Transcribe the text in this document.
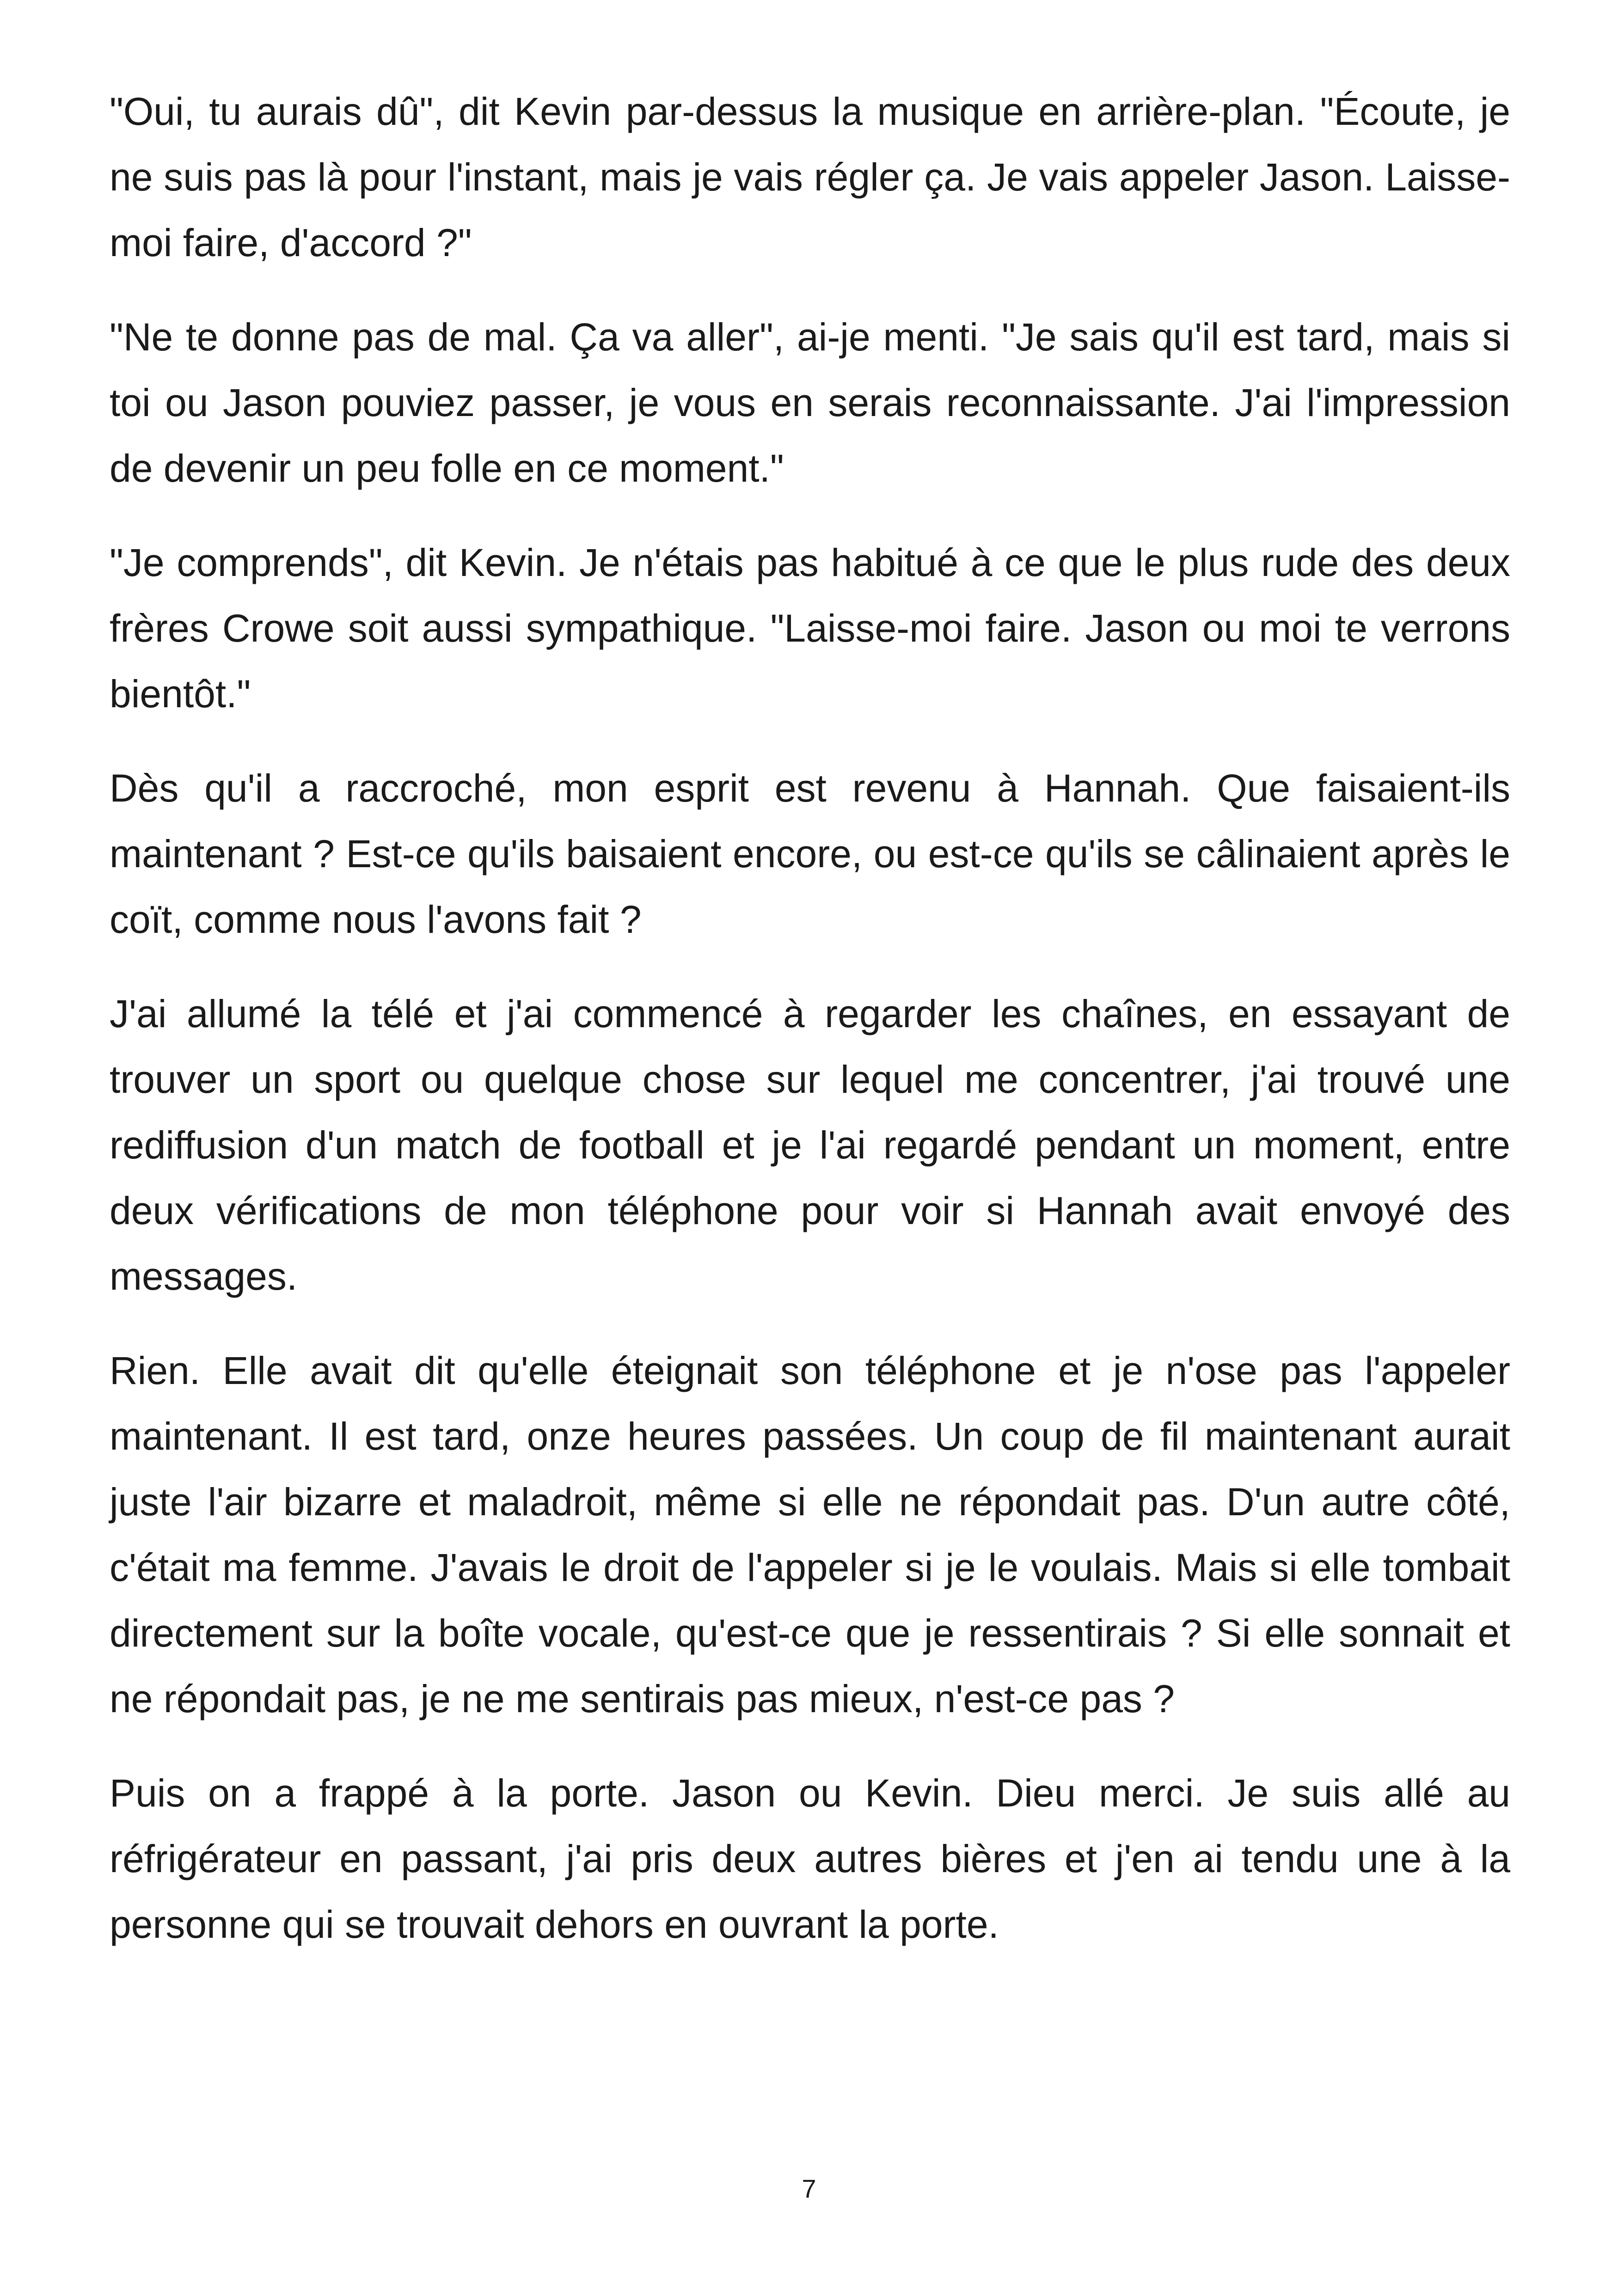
"Oui, tu aurais dû", dit Kevin par-dessus la musique en arrière-plan. "Écoute, je ne suis pas là pour l'instant, mais je vais régler ça. Je vais appeler Jason. Laisse-moi faire, d'accord ?"

"Ne te donne pas de mal. Ça va aller", ai-je menti. "Je sais qu'il est tard, mais si toi ou Jason pouviez passer, je vous en serais reconnaissante. J'ai l'impression de devenir un peu folle en ce moment."

"Je comprends", dit Kevin. Je n'étais pas habitué à ce que le plus rude des deux frères Crowe soit aussi sympathique. "Laisse-moi faire. Jason ou moi te verrons bientôt."

Dès qu'il a raccroché, mon esprit est revenu à Hannah. Que faisaient-ils maintenant ? Est-ce qu'ils baisaient encore, ou est-ce qu'ils se câlinaient après le coït, comme nous l'avons fait ?

J'ai allumé la télé et j'ai commencé à regarder les chaînes, en essayant de trouver un sport ou quelque chose sur lequel me concentrer, j'ai trouvé une rediffusion d'un match de football et je l'ai regardé pendant un moment, entre deux vérifications de mon téléphone pour voir si Hannah avait envoyé des messages.

Rien. Elle avait dit qu'elle éteignait son téléphone et je n'ose pas l'appeler maintenant. Il est tard, onze heures passées. Un coup de fil maintenant aurait juste l'air bizarre et maladroit, même si elle ne répondait pas. D'un autre côté, c'était ma femme. J'avais le droit de l'appeler si je le voulais. Mais si elle tombait directement sur la boîte vocale, qu'est-ce que je ressentirais ? Si elle sonnait et ne répondait pas, je ne me sentirais pas mieux, n'est-ce pas ?

Puis on a frappé à la porte. Jason ou Kevin. Dieu merci. Je suis allé au réfrigérateur en passant, j'ai pris deux autres bières et j'en ai tendu une à la personne qui se trouvait dehors en ouvrant la porte.

7
